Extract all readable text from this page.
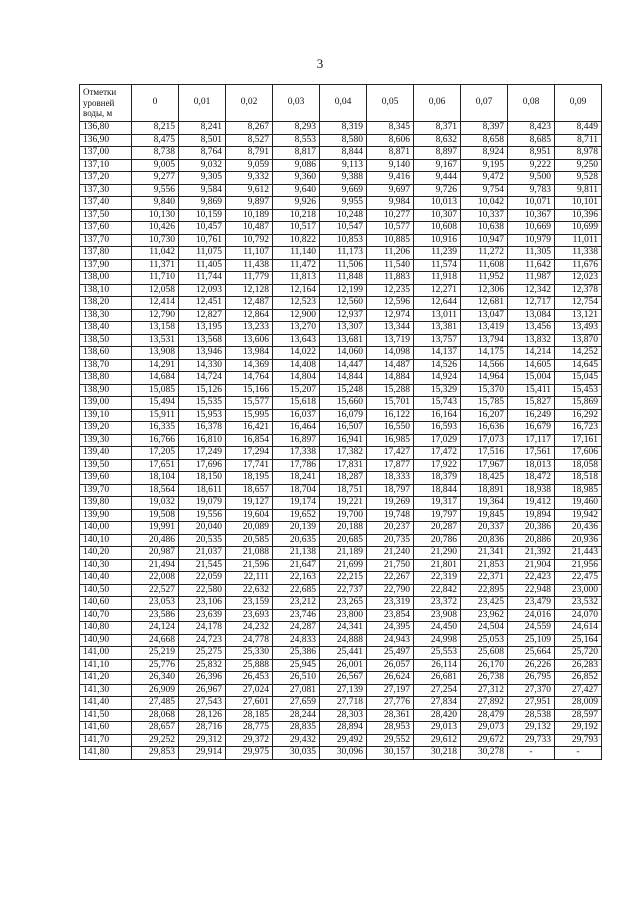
3
Отметки уровней воды, м	0	0,01	0,02	0,03	0,04	0,05	0,06	0,07	0,08	0,09
136,80	8,215	8,241	8,267	8,293	8,319	8,345	8,371	8,397	8,423	8,449
136,90	8,475	8,501	8,527	8,553	8,580	8,606	8,632	8,658	8,685	8,711
137,00	8,738	8,764	8,791	8,817	8,844	8,871	8,897	8,924	8,951	8,978
137,10	9,005	9,032	9,059	9,086	9,113	9,140	9,167	9,195	9,222	9,250
137,20	9,277	9,305	9,332	9,360	9,388	9,416	9,444	9,472	9,500	9,528
137,30	9,556	9,584	9,612	9,640	9,669	9,697	9,726	9,754	9,783	9,811
137,40	9,840	9,869	9,897	9,926	9,955	9,984	10,013	10,042	10,071	10,101
137,50	10,130	10,159	10,189	10,218	10,248	10,277	10,307	10,337	10,367	10,396
137,60	10,426	10,457	10,487	10,517	10,547	10,577	10,608	10,638	10,669	10,699
137,70	10,730	10,761	10,792	10,822	10,853	10,885	10,916	10,947	10,979	11,011
137,80	11,042	11,075	11,107	11,140	11,173	11,206	11,239	11,272	11,305	11,338
137,90	11,371	11,405	11,438	11,472	11,506	11,540	11,574	11,608	11,642	11,676
138,00	11,710	11,744	11,779	11,813	11,848	11,883	11,918	11,952	11,987	12,023
138,10	12,058	12,093	12,128	12,164	12,199	12,235	12,271	12,306	12,342	12,378
138,20	12,414	12,451	12,487	12,523	12,560	12,596	12,644	12,681	12,717	12,754
138,30	12,790	12,827	12,864	12,900	12,937	12,974	13,011	13,047	13,084	13,121
138,40	13,158	13,195	13,233	13,270	13,307	13,344	13,381	13,419	13,456	13,493
138,50	13,531	13,568	13,606	13,643	13,681	13,719	13,757	13,794	13,832	13,870
138,60	13,908	13,946	13,984	14,022	14,060	14,098	14,137	14,175	14,214	14,252
138,70	14,291	14,330	14,369	14,408	14,447	14,487	14,526	14,566	14,605	14,645
138,80	14,684	14,724	14,764	14,804	14,844	14,884	14,924	14,964	15,004	15,045
138,90	15,085	15,126	15,166	15,207	15,248	15,288	15,329	15,370	15,411	15,453
139,00	15,494	15,535	15,577	15,618	15,660	15,701	15,743	15,785	15,827	15,869
139,10	15,911	15,953	15,995	16,037	16,079	16,122	16,164	16,207	16,249	16,292
139,20	16,335	16,378	16,421	16,464	16,507	16,550	16,593	16,636	16,679	16,723
139,30	16,766	16,810	16,854	16,897	16,941	16,985	17,029	17,073	17,117	17,161
139,40	17,205	17,249	17,294	17,338	17,382	17,427	17,472	17,516	17,561	17,606
139,50	17,651	17,696	17,741	17,786	17,831	17,877	17,922	17,967	18,013	18,058
139,60	18,104	18,150	18,195	18,241	18,287	18,333	18,379	18,425	18,472	18,518
139,70	18,564	18,611	18,657	18,704	18,751	18,797	18,844	18,891	18,938	18,985
139,80	19,032	19,079	19,127	19,174	19,221	19,269	19,317	19,364	19,412	19,460
139,90	19,508	19,556	19,604	19,652	19,700	19,748	19,797	19,845	19,894	19,942
140,00	19,991	20,040	20,089	20,139	20,188	20,237	20,287	20,337	20,386	20,436
140,10	20,486	20,535	20,585	20,635	20,685	20,735	20,786	20,836	20,886	20,936
140,20	20,987	21,037	21,088	21,138	21,189	21,240	21,290	21,341	21,392	21,443
140,30	21,494	21,545	21,596	21,647	21,699	21,750	21,801	21,853	21,904	21,956
140,40	22,008	22,059	22,111	22,163	22,215	22,267	22,319	22,371	22,423	22,475
140,50	22,527	22,580	22,632	22,685	22,737	22,790	22,842	22,895	22,948	23,000
140,60	23,053	23,106	23,159	23,212	23,265	23,319	23,372	23,425	23,479	23,532
140,70	23,586	23,639	23,693	23,746	23,800	23,854	23,908	23,962	24,016	24,070
140,80	24,124	24,178	24,232	24,287	24,341	24,395	24,450	24,504	24,559	24,614
140,90	24,668	24,723	24,778	24,833	24,888	24,943	24,998	25,053	25,109	25,164
141,00	25,219	25,275	25,330	25,386	25,441	25,497	25,553	25,608	25,664	25,720
141,10	25,776	25,832	25,888	25,945	26,001	26,057	26,114	26,170	26,226	26,283
141,20	26,340	26,396	26,453	26,510	26,567	26,624	26,681	26,738	26,795	26,852
141,30	26,909	26,967	27,024	27,081	27,139	27,197	27,254	27,312	27,370	27,427
141,40	27,485	27,543	27,601	27,659	27,718	27,776	27,834	27,892	27,951	28,009
141,50	28,068	28,126	28,185	28,244	28,303	28,361	28,420	28,479	28,538	28,597
141,60	28,657	28,716	28,775	28,835	28,894	28,953	29,013	29,073	29,132	29,192
141,70	29,252	29,312	29,372	29,432	29,492	29,552	29,612	29,672	29,733	29,793
141,80	29,853	29,914	29,975	30,035	30,096	30,157	30,218	30,278	-	-
